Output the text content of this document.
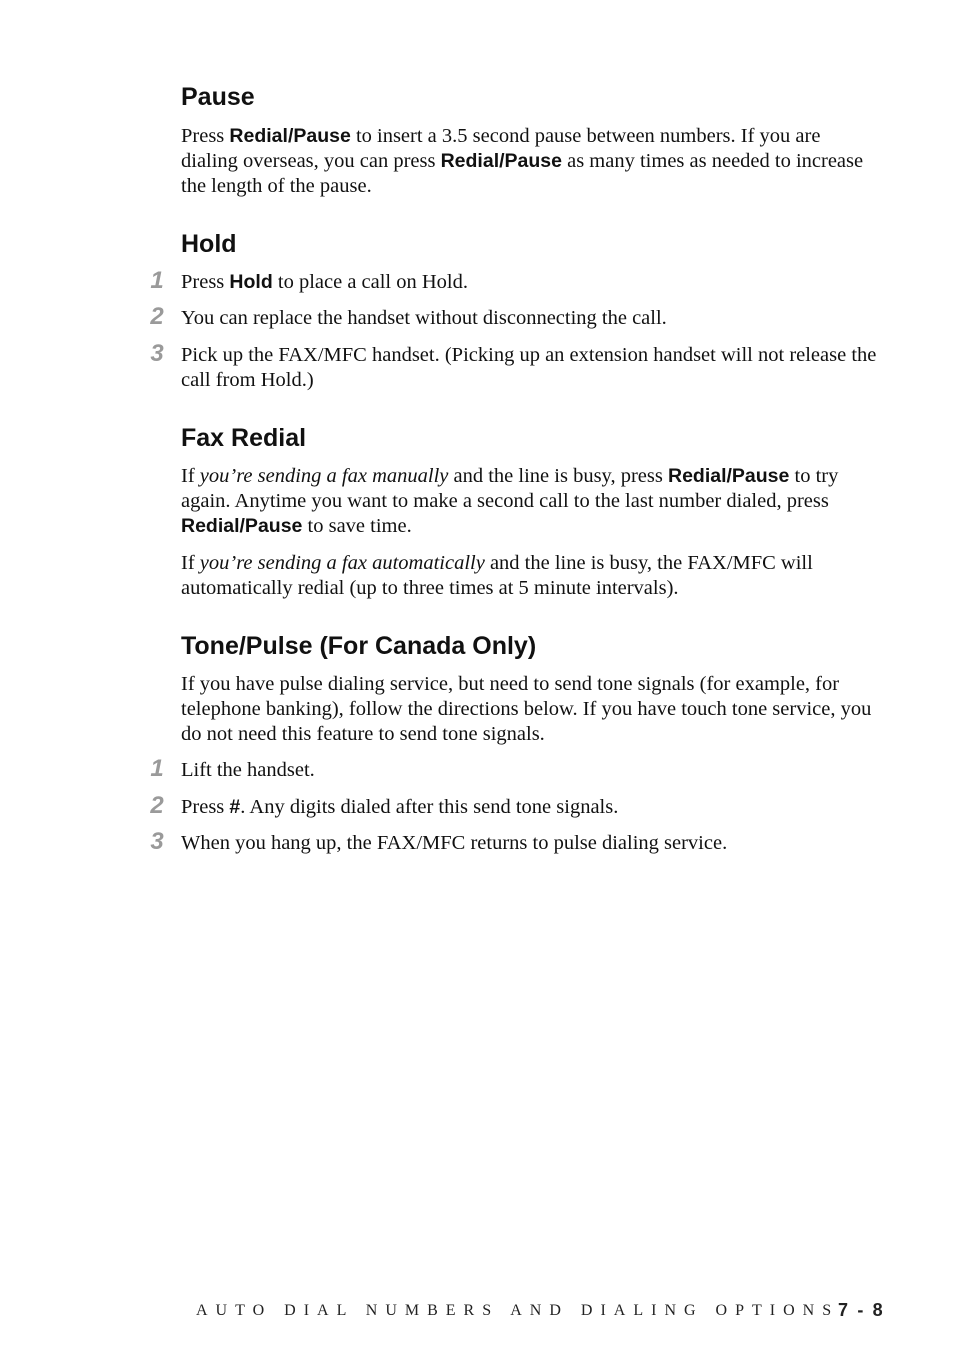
Pause

Press Redial/Pause to insert a 3.5 second pause between numbers. If you are dialing overseas, you can press Redial/Pause as many times as needed to increase the length of the pause.

Hold
1 Press Hold to place a call on Hold.

2 You can replace the handset without disconnecting the call.

3 Pick up the FAX/MFC handset. (Picking up an extension handset will not release the call from Hold.)

Fax Redial

If you’re sending a fax manually and the line is busy, press Redial/Pause to try again. Anytime you want to make a second call to the last number dialed, press Redial/Pause to save time.

If you’re sending a fax automatically and the line is busy, the FAX/MFC will automatically redial (up to three times at 5 minute intervals).

Tone/Pulse (For Canada Only)

If you have pulse dialing service, but need to send tone signals (for example, for telephone banking), follow the directions below. If you have touch tone service, you do not need this feature to send tone signals.

1 Lift the handset.

2 Press #. Any digits dialed after this send tone signals.

3 When you hang up, the FAX/MFC returns to pulse dialing service.

AUTO DIAL NUMBERS AND DIALING OPTIONS

7 - 8
